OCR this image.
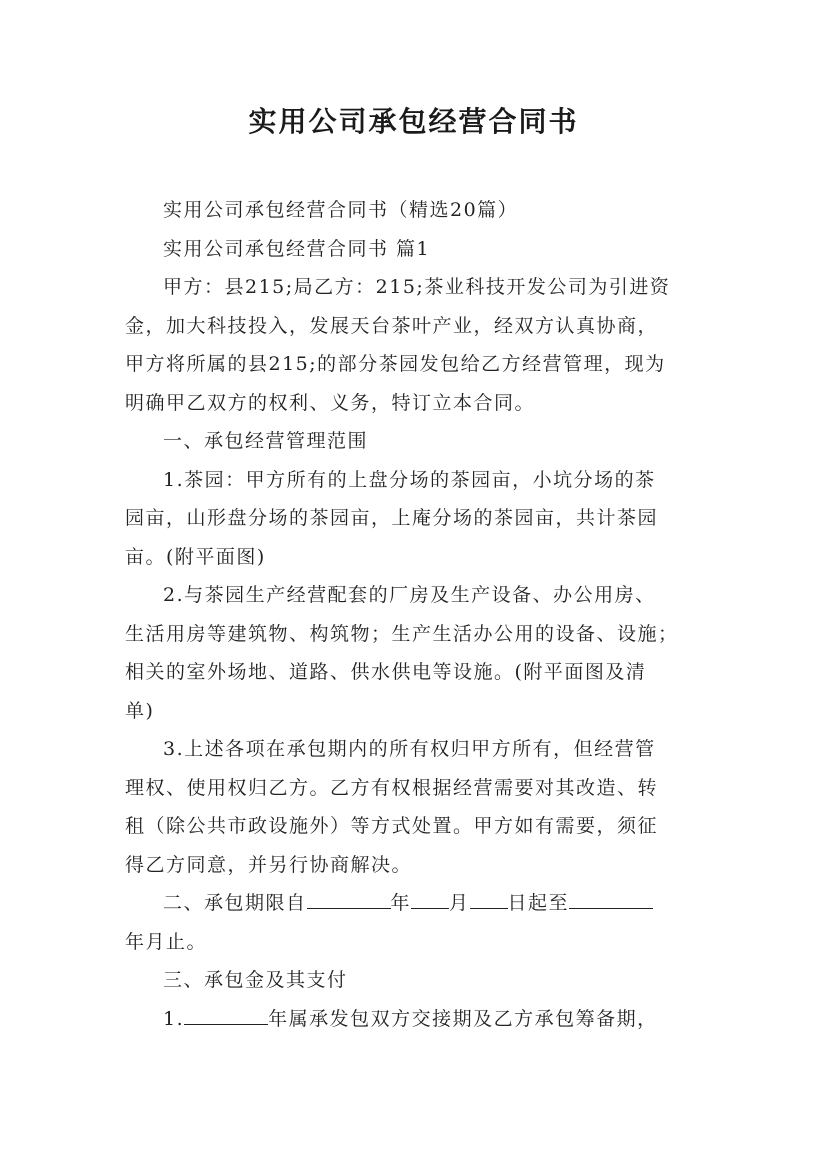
实用公司承包经营合同书

实用公司承包经营合同书（精选20篇）

实用公司承包经营合同书 篇1

甲方：县215;局乙方：215;茶业科技开发公司为引进资
金，加大科技投入，发展天台茶叶产业，经双方认真协商，
甲方将所属的县215;的部分茶园发包给乙方经营管理，现为
明确甲乙双方的权利、义务，特订立本合同。

一、承包经营管理范围

1.茶园：甲方所有的上盘分场的茶园亩，小坑分场的茶
园亩，山形盘分场的茶园亩，上庵分场的茶园亩，共计茶园
亩。(附平面图)
2.与茶园生产经营配套的厂房及生产设备、办公用房、
生活用房等建筑物、构筑物；生产生活办公用的设备、设施；
相关的室外场地、道路、供水供电等设施。(附平面图及清
单)
3.上述各项在承包期内的所有权归甲方所有，但经营管
理权、使用权归乙方。乙方有权根据经营需要对其改造、转
租（除公共市政设施外）等方式处置。甲方如有需要，须征
得乙方同意，并另行协商解决。
二、承包期限自	年 月 日起至
年月止。

三、承包金及其支付

1.	年属承发包双方交接期及乙方承包筹备期，
